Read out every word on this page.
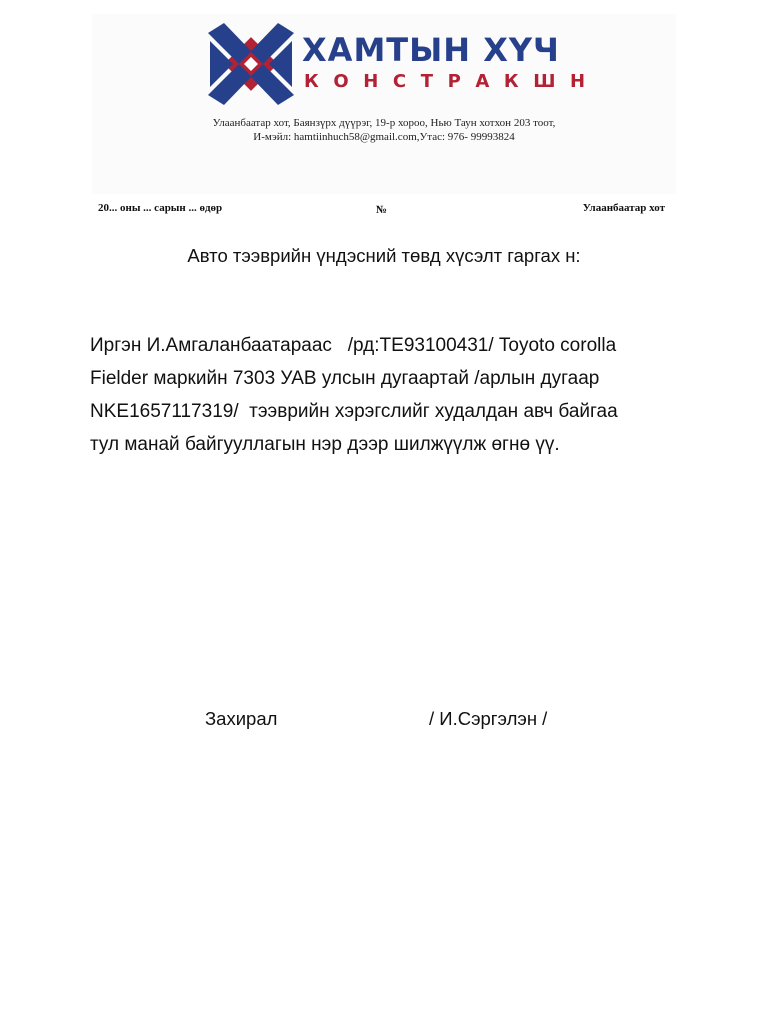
ХАМТЫН ХҮЧ
КОНСТРАКШН
Улаанбаатар хот, Баянзүрх дүүрэг, 19-р хороо, Нью Таун хотхон 203 тоот,
И-мэйл: hamtiinhuch58@gmail.com,Утас: 976- 99993824
20... оны ... сарын ... өдөр	№	Улаанбаатар хот
Авто тээврийн үндэсний төвд хүсэлт гаргах н:
Иргэн И.Амгаланбаатараас   /рд:ТЕ93100431/ Toyoto corolla
Fielder маркийн 7303 УАВ улсын дугаартай /арлын дугаар
NKE1657117319/  тээврийн хэрэгслийг худалдан авч байгаа
тул манай байгууллагын нэр дээр шилжүүлж өгнө үү.
Захирал	/ И.Сэргэлэн /
